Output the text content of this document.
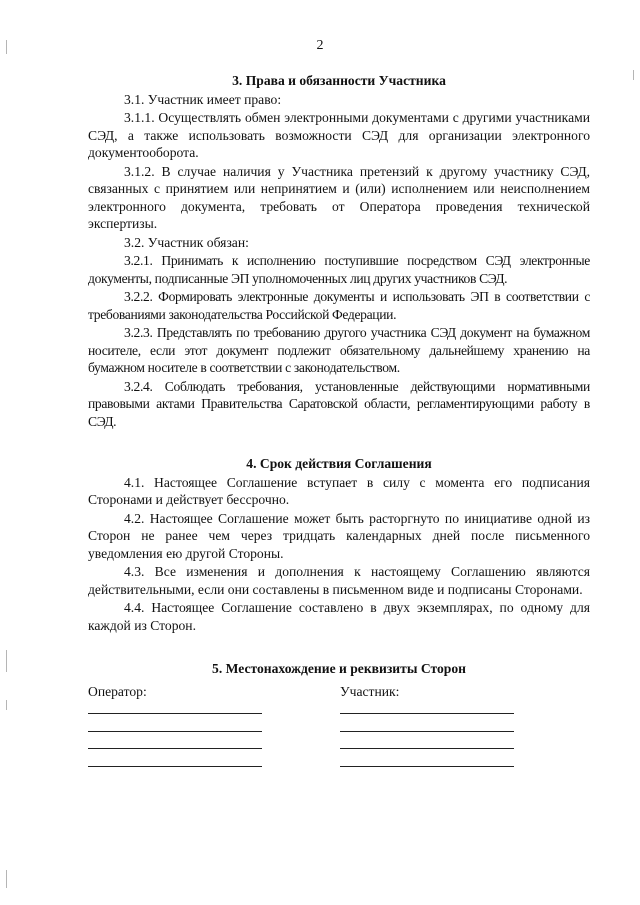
2

3. Права и обязанности Участника

3.1. Участник имеет право:

3.1.1. Осуществлять обмен электронными документами с другими участниками СЭД, а также использовать возможности СЭД для организации электронного документооборота.

3.1.2. В случае наличия у Участника претензий к другому участнику СЭД, связанных с принятием или непринятием и (или) исполнением или неисполнением электронного документа, требовать от Оператора проведения технической экспертизы.

3.2. Участник обязан:

3.2.1. Принимать к исполнению поступившие посредством СЭД электронные документы, подписанные ЭП уполномоченных лиц других участников СЭД.

3.2.2. Формировать электронные документы и использовать ЭП в соответствии с требованиями законодательства Российской Федерации.

3.2.3. Представлять по требованию другого участника СЭД документ на бумажном носителе, если этот документ подлежит обязательному дальнейшему хранению на бумажном носителе в соответствии с законодательством.

3.2.4. Соблюдать требования, установленные действующими нормативными правовыми актами Правительства Саратовской области, регламентирующими работу в СЭД.

4. Срок действия Соглашения

4.1. Настоящее Соглашение вступает в силу с момента его подписания Сторонами и действует бессрочно.

4.2. Настоящее Соглашение может быть расторгнуто по инициативе одной из Сторон не ранее чем через тридцать календарных дней после письменного уведомления ею другой Стороны.

4.3. Все изменения и дополнения к настоящему Соглашению являются действительными, если они составлены в письменном виде и подписаны Сторонами.

4.4. Настоящее Соглашение составлено в двух экземплярах, по одному для каждой из Сторон.

5. Местонахождение и реквизиты Сторон

Оператор:	Участник:
